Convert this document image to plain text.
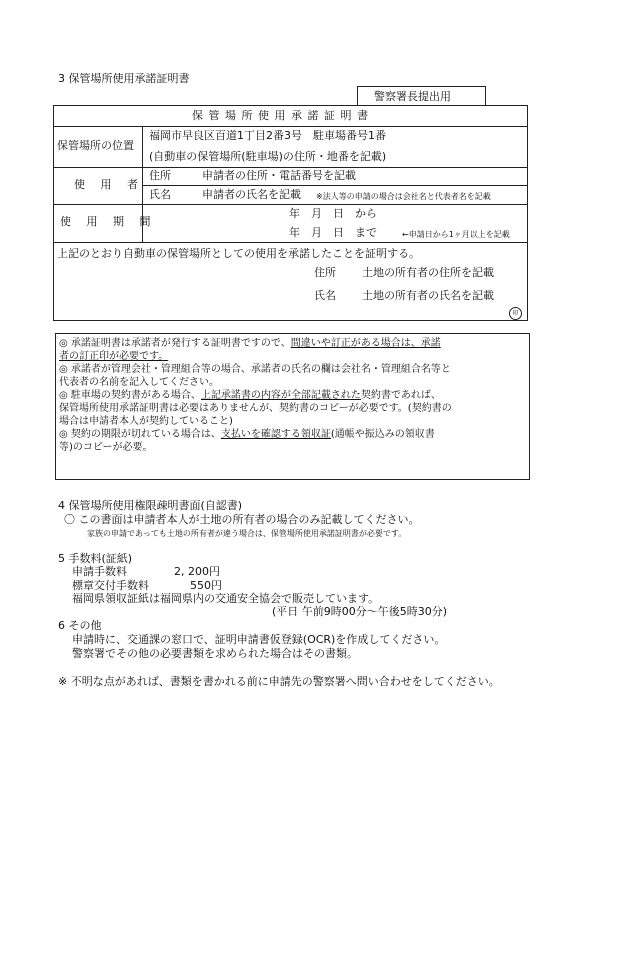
3 保管場所使用承諾証明書
警察署長提出用
保 管 場 所 使 用 承 諾 証 明 書
保管場所の位置
福岡市早良区百道1丁目2番3号　駐車場番号1番
(自動車の保管場所(駐車場)の住所・地番を記載)
使 用 者
住所	申請者の住所・電話番号を記載
氏名	申請者の氏名を記載 ※法人等の申請の場合は会社名と代表者名を記載
使 用 期 間
年　月　日　から
年　月　日　まで	←申請日から1ヶ月以上を記載
上記のとおり自動車の保管場所としての使用を承諾したことを証明する。
住所 土地の所有者の住所を記載
氏名 土地の所有者の氏名を記載
印
◎ 承諾証明書は承諾者が発行する証明書ですので、間違いや訂正がある場合は、承諾
者の訂正印が必要です。
◎ 承諾者が管理会社・管理組合等の場合、承諾者の氏名の欄は会社名・管理組合名等と
代表者の名前を記入してください。
◎ 駐車場の契約書がある場合、上記承諾書の内容が全部記載された契約書であれば、
保管場所使用承諾証明書は必要はありませんが、契約書のコピーが必要です。(契約書の
場合は申請者本人が契約していること)
◎ 契約の期限が切れている場合は、支払いを確認する領収証(通帳や振込みの領収書
等)のコピーが必要。
4 保管場所使用権限疎明書面(自認書)
〇 この書面は申請者本人が土地の所有者の場合のみ記載してください。
家族の申請であっても土地の所有者が違う場合は、保管場所使用承諾証明書が必要です。
5 手数料(証紙)
申請手数料	2, 200円
標章交付手数料	550円
福岡県領収証紙は福岡県内の交通安全協会で販売しています。
(平日 午前9時00分～午後5時30分)
6 その他
申請時に、交通課の窓口で、証明申請書仮登録(OCR)を作成してください。
警察署でその他の必要書類を求められた場合はその書類。
※ 不明な点があれば、書類を書かれる前に申請先の警察署へ問い合わせをしてください。
